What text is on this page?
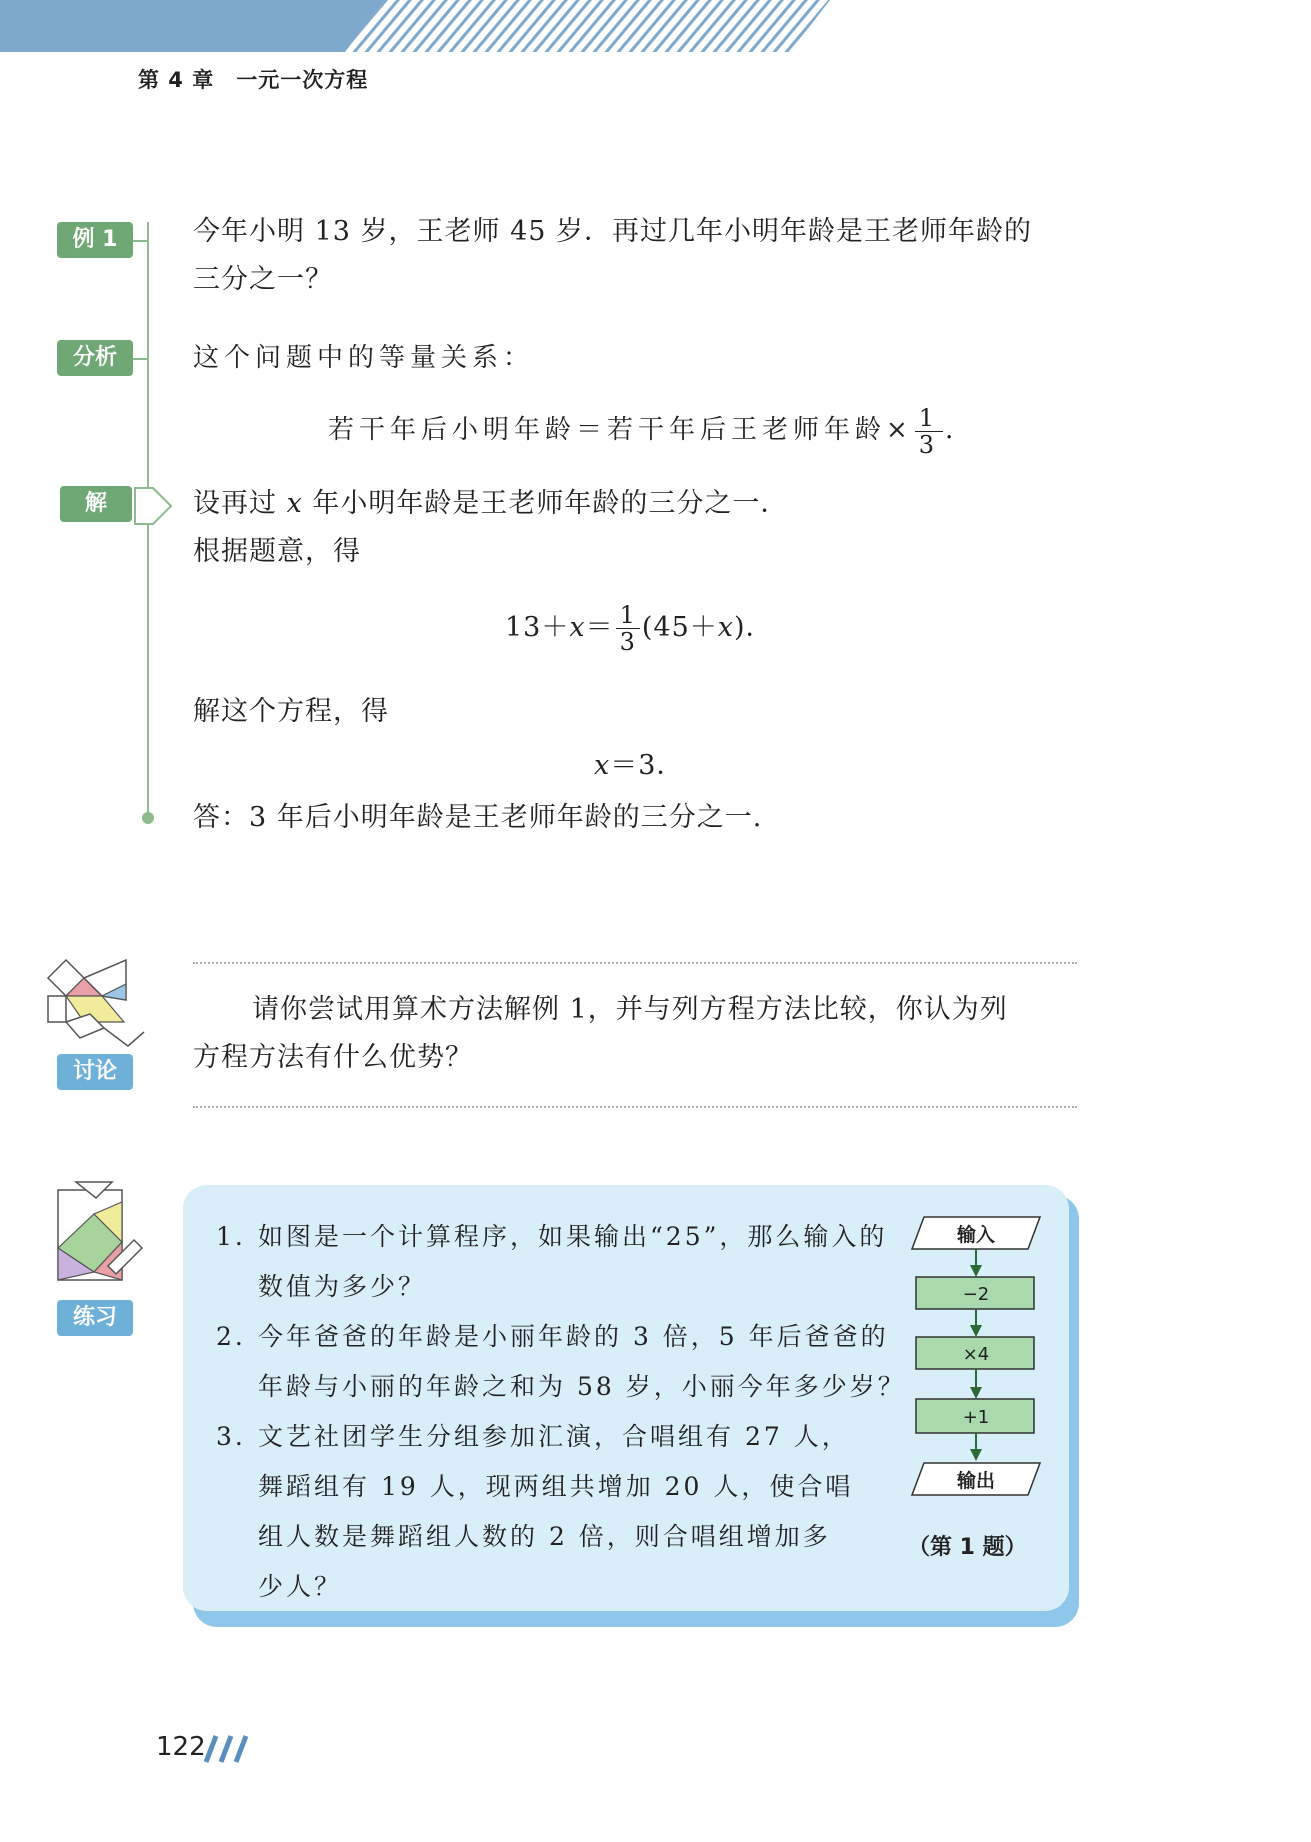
第 4 章　一元一次方程
例 1	今年小明 13 岁，王老师 45 岁．再过几年小明年龄是王老师年龄的
三分之一？
分析	这个问题中的等量关系：
若干年后小明年龄＝若干年后王老师年龄× $\frac{1}{3}$ ．
解	设再过 x 年小明年龄是王老师年龄的三分之一．
根据题意，得
$13+x= \frac{1}{3} (45+x)$．
解这个方程，得
x＝3．
答：3 年后小明年龄是王老师年龄的三分之一.
讨论
请你尝试用算术方法解例 1，并与列方程方法比较，你认为列
方程方法有什么优势？
练习
1. 如图是一个计算程序，如果输出“25”，那么输入的
数值为多少？
2. 今年爸爸的年龄是小丽年龄的 3 倍，5 年后爸爸的
年龄与小丽的年龄之和为 58 岁，小丽今年多少岁？
3. 文艺社团学生分组参加汇演，合唱组有 27 人，
舞蹈组有 19 人，现两组共增加 20 人，使合唱
组人数是舞蹈组人数的 2 倍，则合唱组增加多
少人？
输入
−2
×4
+1
输出
（第 1 题）
122
